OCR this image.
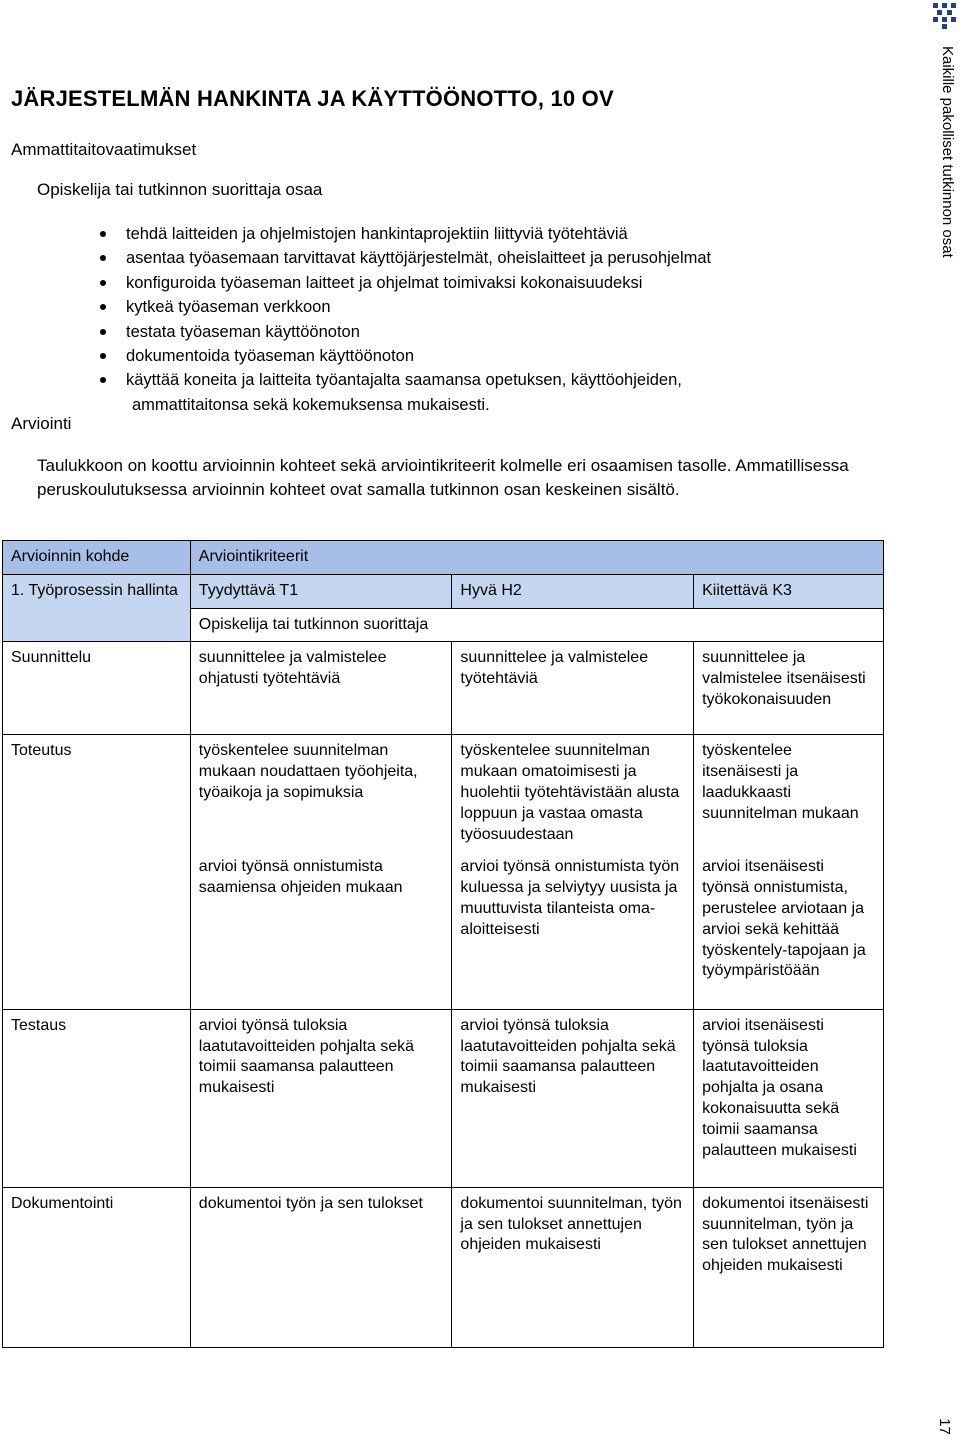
Kaikille pakolliset tutkinnon osat
JÄRJESTELMÄN HANKINTA JA KÄYTTÖÖNOTTO, 10 OV
Ammattitaitovaatimukset
Opiskelija tai tutkinnon suorittaja osaa
tehdä laitteiden ja ohjelmistojen hankintaprojektiin liittyviä työtehtäviä
asentaa työasemaan tarvittavat käyttöjärjestelmät, oheislaitteet ja perusohjelmat
konfiguroida työaseman laitteet ja ohjelmat toimivaksi kokonaisuudeksi
kytkeä työaseman verkkoon
testata työaseman käyttöönoton
dokumentoida työaseman käyttöönoton
käyttää koneita ja laitteita työantajalta saamansa opetuksen, käyttöohjeiden,
ammattitaitonsa sekä kokemuksensa mukaisesti.
Arviointi

Taulukkoon on koottu arvioinnin kohteet sekä arviointikriteerit kolmelle eri osaamisen tasolle. Ammatillisessa peruskoulutuksessa arvioinnin kohteet ovat samalla tutkinnon osan keskeinen sisältö.

Arvioinnin kohde	Arviointikriteerit		
1. Työprosessin hallinta	Tyydyttävä T1	Hyvä H2	Kiitettävä K3
	Opiskelija tai tutkinnon suorittaja		
Suunnittelu	suunnittelee ja valmistelee ohjatusti työtehtäviä	suunnittelee ja valmistelee työtehtäviä	suunnittelee ja valmistelee itsenäisesti työkokonaisuuden
Toteutus	työskentelee suunnitelman mukaan noudattaen työohjeita, työaikoja ja sopimuksia	työskentelee suunnitelman mukaan omatoimisesti ja huolehtii työtehtävistään alusta loppuun ja vastaa omasta työosuudestaan	työskentelee itsenäisesti ja laadukkaasti suunnitelman mukaan
	arvioi työnsä onnistumista saamiensa ohjeiden mukaan	arvioi työnsä onnistumista työn kuluessa ja selviytyy uusista ja muuttuvista tilanteista oma-aloitteisesti	arvioi itsenäisesti työnsä onnistumista, perustelee arviotaan ja arvioi sekä kehittää työskentely-tapojaan ja työympäristöään
Testaus	arvioi työnsä tuloksia laatutavoitteiden pohjalta sekä toimii saamansa palautteen mukaisesti	arvioi työnsä tuloksia laatutavoitteiden pohjalta sekä toimii saamansa palautteen mukaisesti	arvioi itsenäisesti työnsä tuloksia laatutavoitteiden pohjalta ja osana kokonaisuutta sekä toimii saamansa palautteen mukaisesti
Dokumentointi	dokumentoi työn ja sen tulokset	dokumentoi suunnitelman, työn ja sen tulokset annettujen ohjeiden mukaisesti	dokumentoi itsenäisesti suunnitelman, työn ja sen tulokset annettujen ohjeiden mukaisesti
17
